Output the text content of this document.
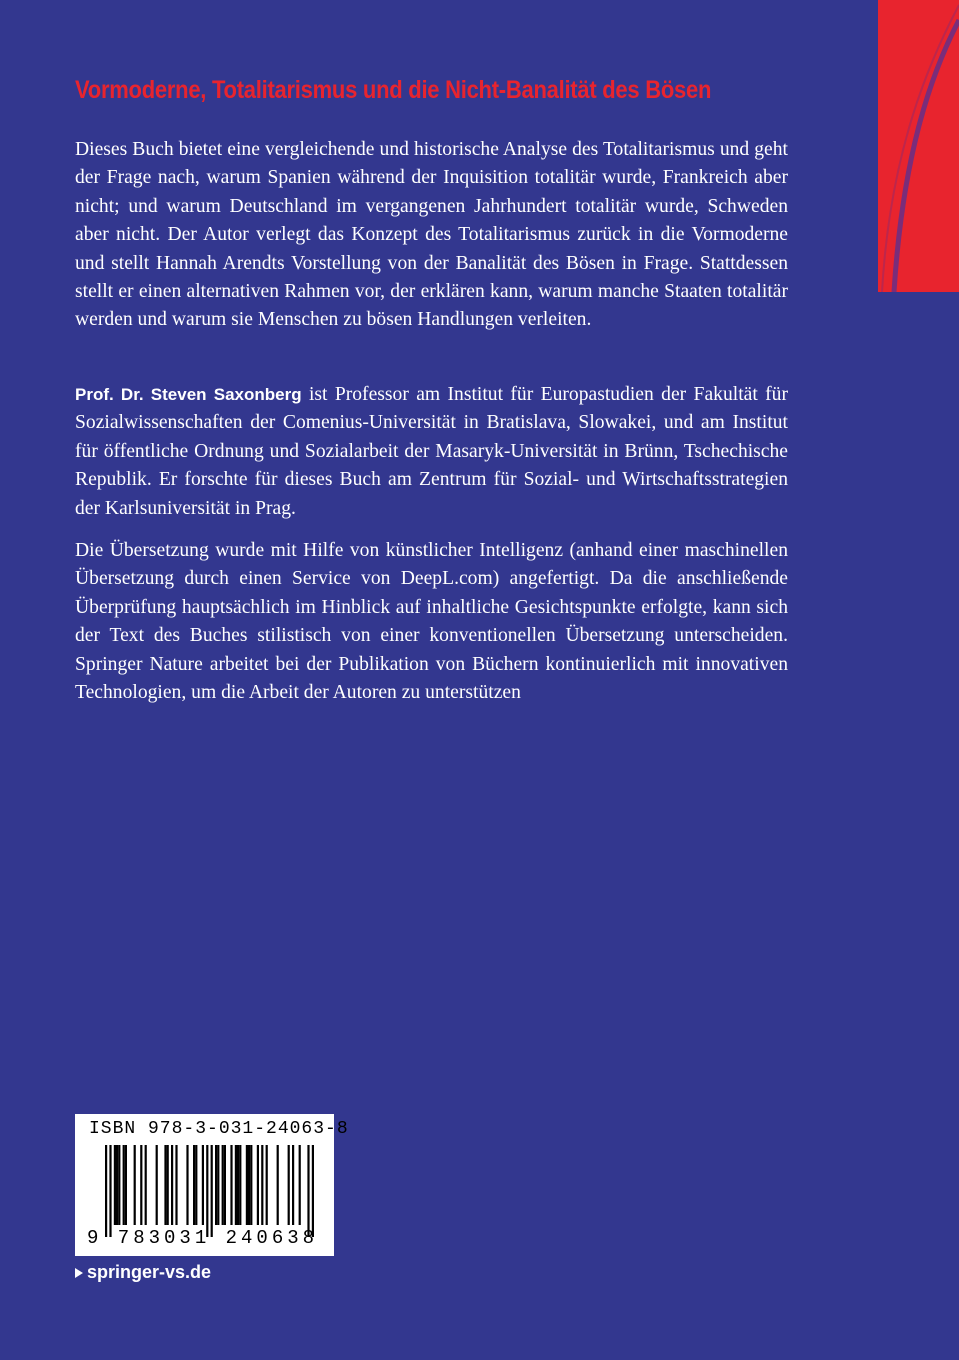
Vormoderne, Totalitarismus und die Nicht-Banalität des Bösen

Dieses Buch bietet eine vergleichende und historische Analyse des Totalitarismus und geht der Frage nach, warum Spanien während der Inquisition totalitär wurde, Frankreich aber nicht; und warum Deutschland im vergangenen Jahrhundert totalitär wurde, Schweden aber nicht. Der Autor verlegt das Konzept des Totalitarismus zurück in die Vormoderne und stellt Hannah Arendts Vorstellung von der Banalität des Bösen in Frage. Stattdessen stellt er einen alternativen Rahmen vor, der erklären kann, warum manche Staaten totalitär werden und warum sie Menschen zu bösen Handlungen verleiten.

Prof. Dr. Steven Saxonberg ist Professor am Institut für Europastudien der Fakultät für Sozialwissenschaften der Comenius-Universität in Bratislava, Slowakei, und am Institut für öffentliche Ordnung und Sozialarbeit der Masaryk-Universität in Brünn, Tschechische Republik. Er forschte für dieses Buch am Zentrum für Sozial- und Wirtschaftsstrategien der Karlsuniversität in Prag.

Die Übersetzung wurde mit Hilfe von künstlicher Intelligenz (anhand einer maschinellen Übersetzung durch einen Service von DeepL.com) angefertigt. Da die anschließende Überprüfung hauptsächlich im Hinblick auf inhaltliche Gesichtspunkte erfolgte, kann sich der Text des Buches stilistisch von einer konventionellen Übersetzung unterscheiden. Springer Nature arbeitet bei der Publikation von Büchern kontinuierlich mit innovativen Technologien, um die Arbeit der Autoren zu unterstützen

ISBN 978-3-031-24063-8
9 783031 240638
springer-vs.de
